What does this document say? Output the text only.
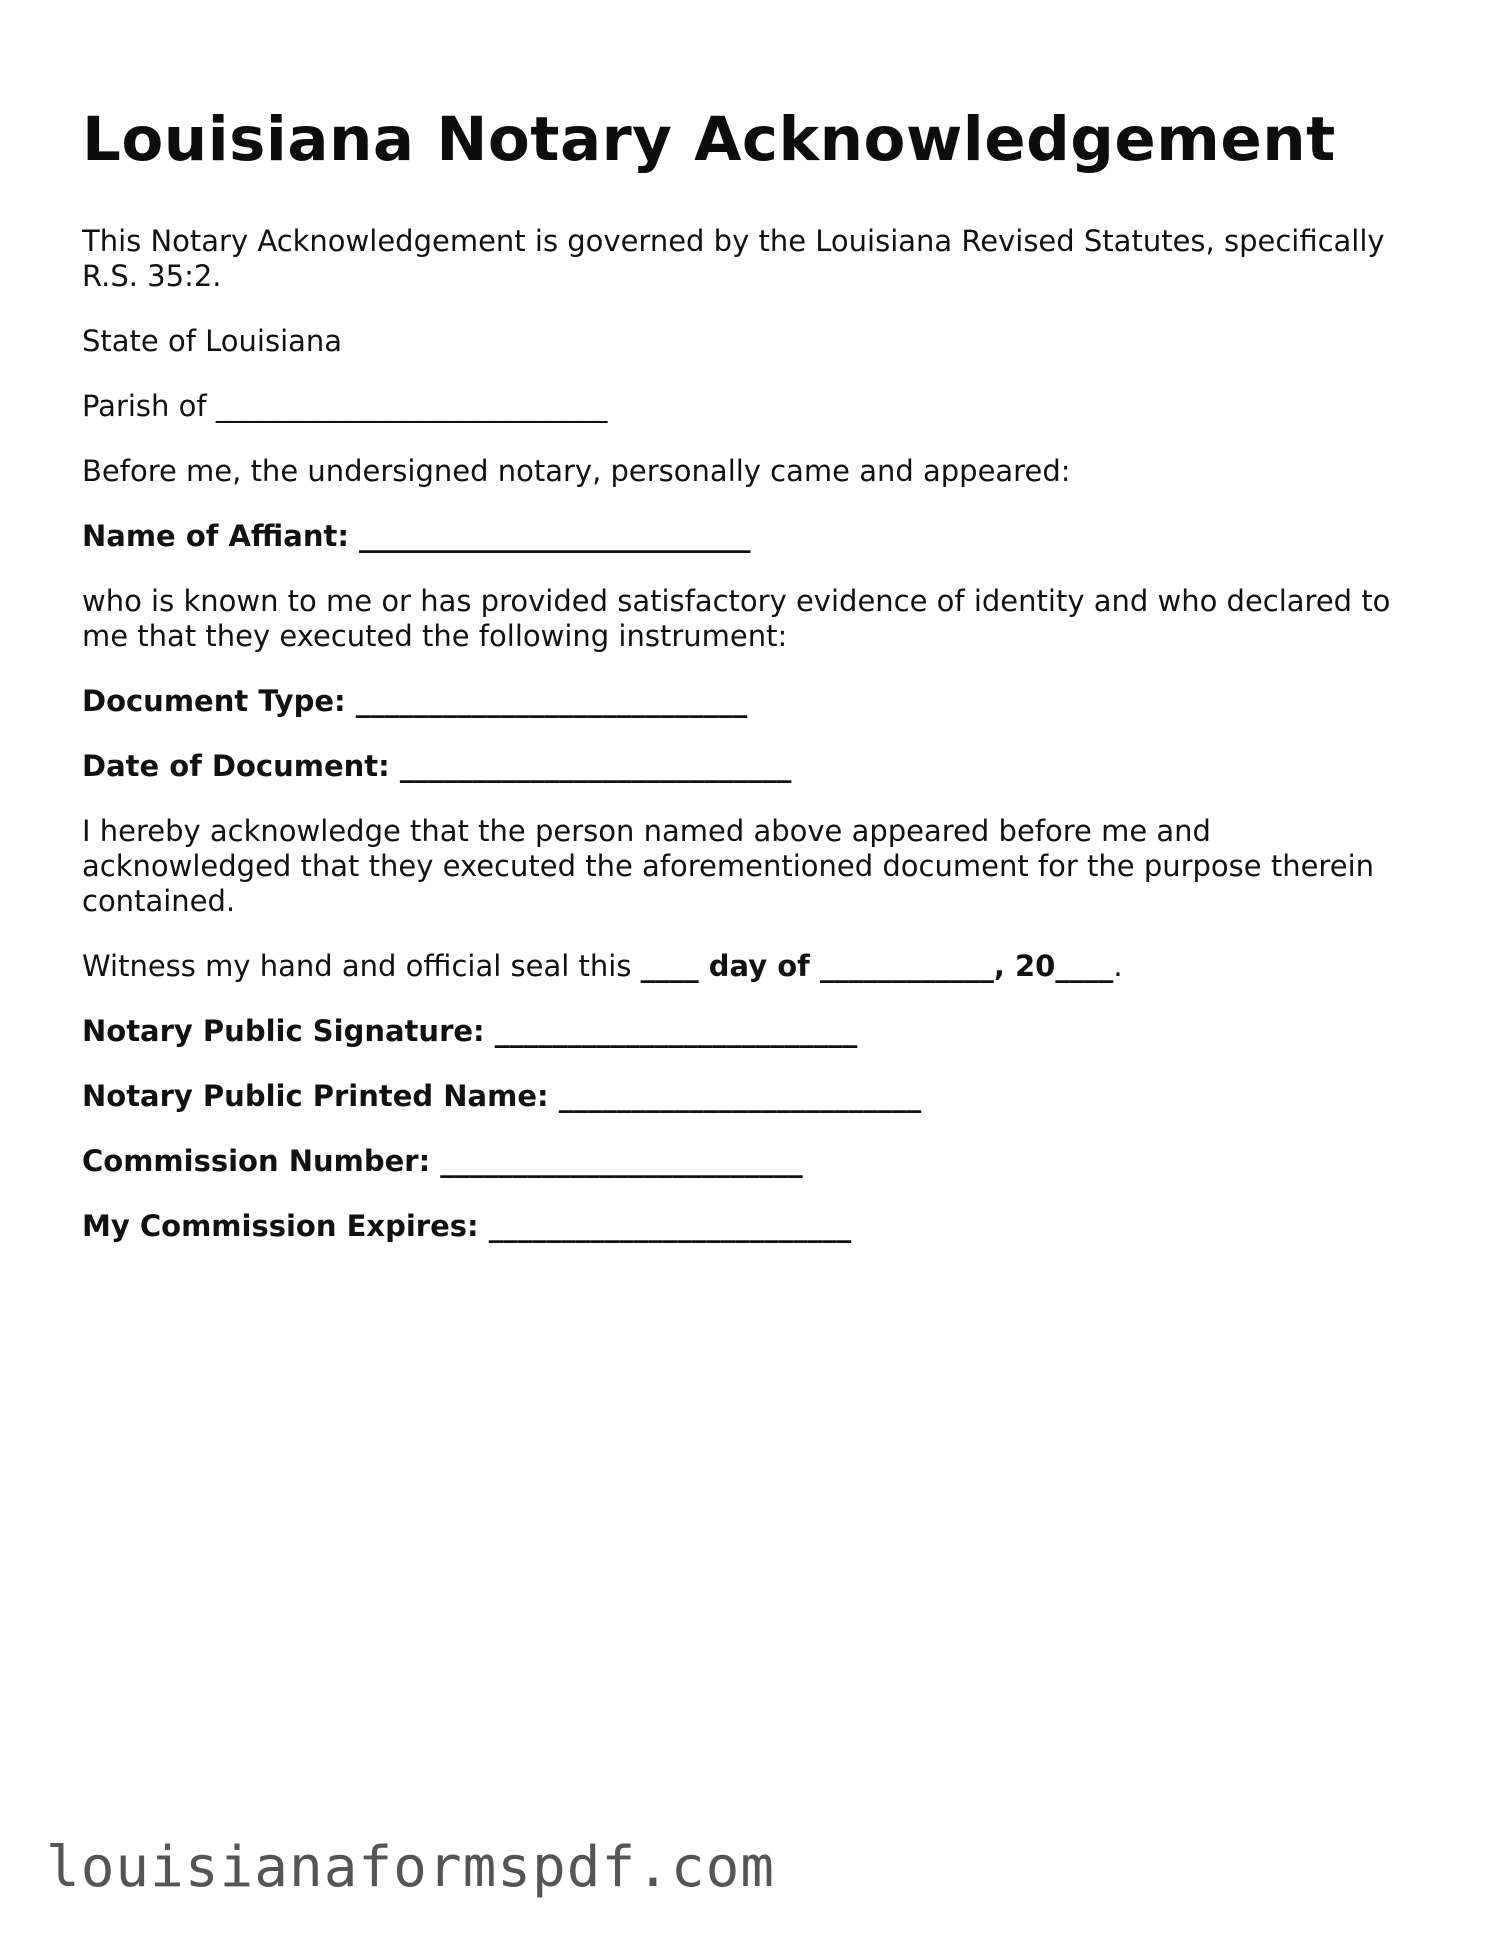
Louisiana Notary Acknowledgement

This Notary Acknowledgement is governed by the Louisiana Revised Statutes, specifically R.S. 35:2.

State of Louisiana

Parish of ___________________________

Before me, the undersigned notary, personally came and appeared:

Name of Affiant: ___________________________

who is known to me or has provided satisfactory evidence of identity and who declared to me that they executed the following instrument:

Document Type: ___________________________

Date of Document: ___________________________

I hereby acknowledge that the person named above appeared before me and acknowledged that they executed the aforementioned document for the purpose therein contained.

Witness my hand and official seal this ____ day of ____________, 20____.

Notary Public Signature: _________________________

Notary Public Printed Name: _________________________

Commission Number: _________________________

My Commission Expires: _________________________

louisianaformspdf.com
